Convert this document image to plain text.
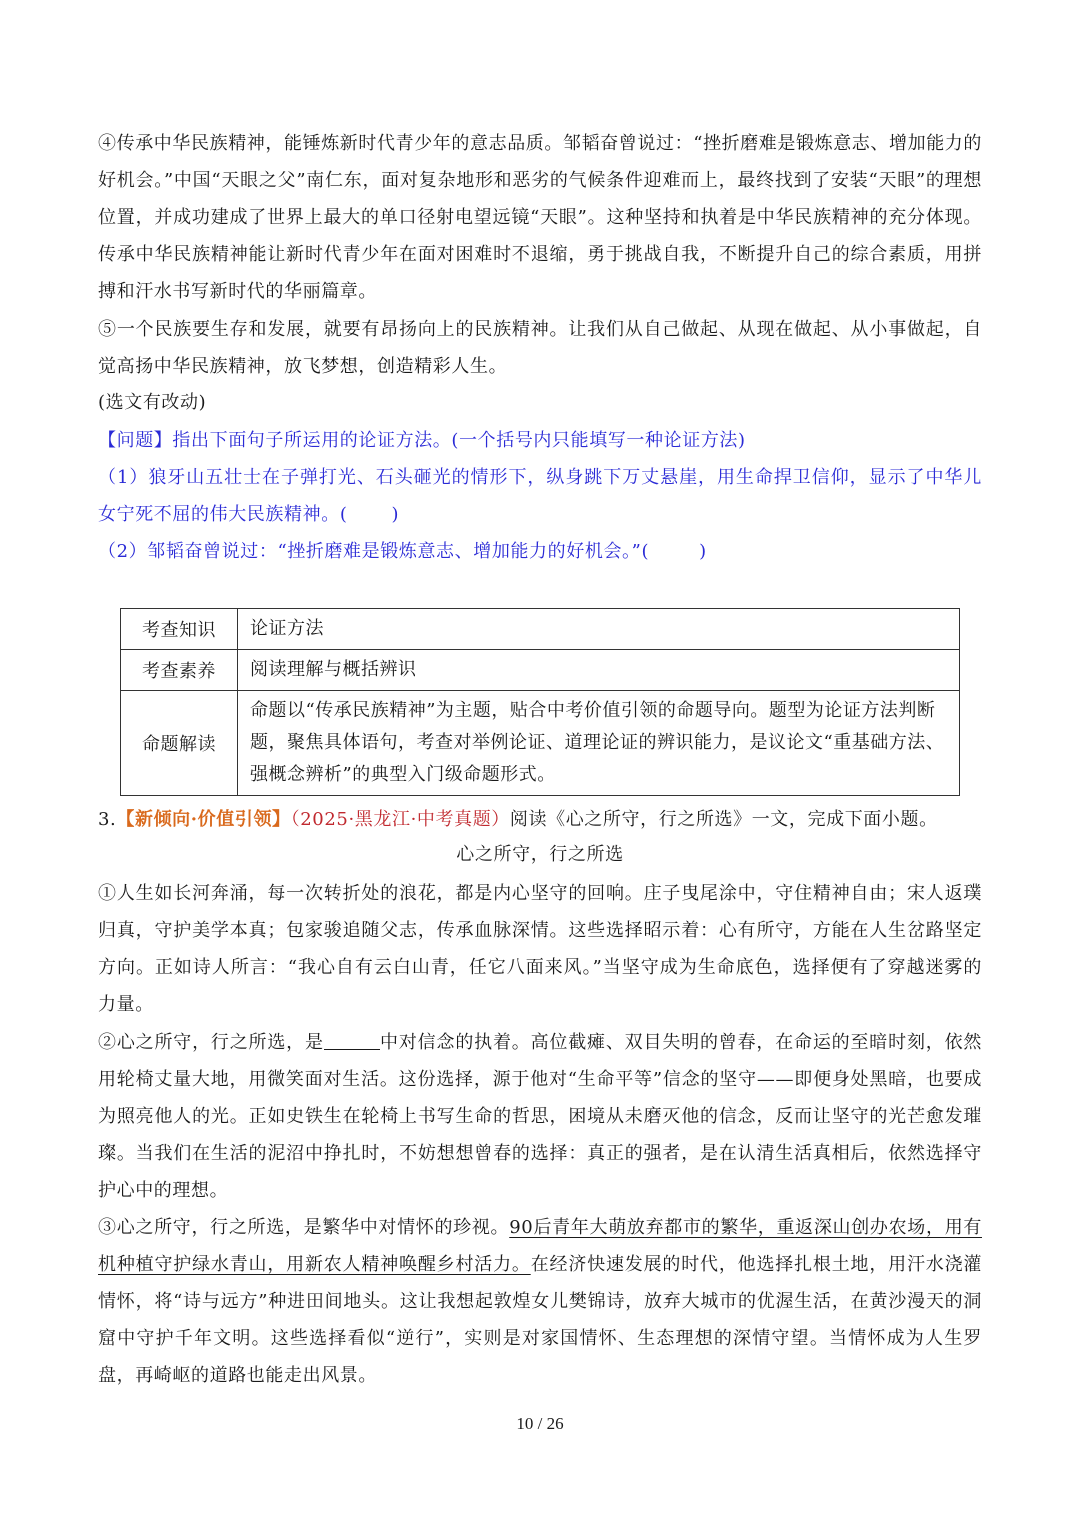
④传承中华民族精神，能锤炼新时代青少年的意志品质。邹韬奋曾说过：“挫折磨难是锻炼意志、增加能力的好机会。”中国“天眼之父”南仁东，面对复杂地形和恶劣的气候条件迎难而上，最终找到了安装“天眼”的理想位置，并成功建成了世界上最大的单口径射电望远镜“天眼”。这种坚持和执着是中华民族精神的充分体现。传承中华民族精神能让新时代青少年在面对困难时不退缩，勇于挑战自我，不断提升自己的综合素质，用拼搏和汗水书写新时代的华丽篇章。

⑤一个民族要生存和发展，就要有昂扬向上的民族精神。让我们从自己做起、从现在做起、从小事做起，自觉高扬中华民族精神，放飞梦想，创造精彩人生。

(选文有改动)

【问题】指出下面句子所运用的论证方法。(一个括号内只能填写一种论证方法)

（1）狼牙山五壮士在子弹打光、石头砸光的情形下，纵身跳下万丈悬崖，用生命捍卫信仰，显示了中华儿女宁死不屈的伟大民族精神。( )

（2）邹韬奋曾说过：“挫折磨难是锻炼意志、增加能力的好机会。”(	)

考查知识	论证方法
考查素养	阅读理解与概括辨识
命题解读	命题以“传承民族精神”为主题，贴合中考价值引领的命题导向。题型为论证方法判断题，聚焦具体语句，考查对举例论证、道理论证的辨识能力，是议论文“重基础方法、强概念辨析”的典型入门级命题形式。

3.【新倾向·价值引领】（2025·黑龙江·中考真题）阅读《心之所守，行之所选》一文，完成下面小题。

心之所守，行之所选

①人生如长河奔涌，每一次转折处的浪花，都是内心坚守的回响。庄子曳尾涂中，守住精神自由；宋人返璞归真，守护美学本真；包家骏追随父志，传承血脉深情。这些选择昭示着：心有所守，方能在人生岔路坚定方向。正如诗人所言：“我心自有云白山青，任它八面来风。”当坚守成为生命底色，选择便有了穿越迷雾的力量。

②心之所守，行之所选，是	中对信念的执着。高位截瘫、双目失明的曾春，在命运的至暗时刻，依然用轮椅丈量大地，用微笑面对生活。这份选择，源于他对“生命平等”信念的坚守——即便身处黑暗，也要成为照亮他人的光。正如史铁生在轮椅上书写生命的哲思，困境从未磨灭他的信念，反而让坚守的光芒愈发璀璨。当我们在生活的泥沼中挣扎时，不妨想想曾春的选择：真正的强者，是在认清生活真相后，依然选择守护心中的理想。

③心之所守，行之所选，是繁华中对情怀的珍视。90后青年大萌放弃都市的繁华，重返深山创办农场，用有机种植守护绿水青山，用新农人精神唤醒乡村活力。在经济快速发展的时代，他选择扎根土地，用汗水浇灌情怀，将“诗与远方”种进田间地头。这让我想起敦煌女儿樊锦诗，放弃大城市的优渥生活，在黄沙漫天的洞窟中守护千年文明。这些选择看似“逆行”，实则是对家国情怀、生态理想的深情守望。当情怀成为人生罗盘，再崎岖的道路也能走出风景。

10 / 26
